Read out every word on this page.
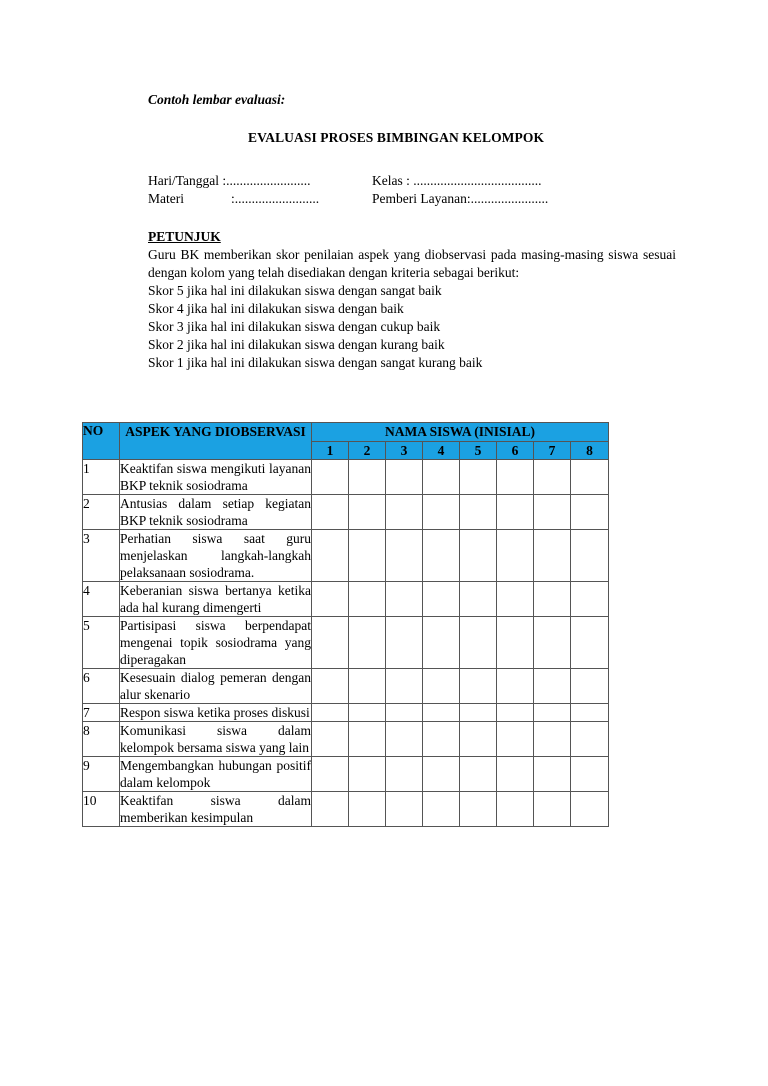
Contoh lembar evaluasi:
EVALUASI PROSES BIMBINGAN KELOMPOK
Hari/Tanggal :.........................
Materi	:.........................
Kelas : ......................................
Pemberi Layanan:.......................
PETUNJUK
Guru BK memberikan skor penilaian aspek yang diobservasi pada masing-masing siswa sesuai dengan kolom yang telah disediakan dengan kriteria sebagai berikut:
Skor 5 jika hal ini dilakukan siswa dengan sangat baik
Skor 4 jika hal ini dilakukan siswa dengan baik
Skor 3 jika hal ini dilakukan siswa dengan cukup baik
Skor 2 jika hal ini dilakukan siswa dengan kurang baik
Skor 1 jika hal ini dilakukan siswa dengan sangat kurang baik
NO	ASPEK YANG DIOBSERVASI	NAMA SISWA (INISIAL)							
		1	2	3	4	5	6	7	8
1	Keaktifan siswa mengikuti layanan BKP teknik sosiodrama								
2	Antusias dalam setiap kegiatan BKP teknik sosiodrama								
3	Perhatian siswa saat guru menjelaskan langkah-langkah pelaksanaan sosiodrama.								
4	Keberanian siswa bertanya ketika ada hal kurang dimengerti								
5	Partisipasi siswa berpendapat mengenai topik sosiodrama yang diperagakan								
6	Kesesuain dialog pemeran dengan alur skenario								
7	Respon siswa ketika proses diskusi								
8	Komunikasi siswa dalam kelompok bersama siswa yang lain								
9	Mengembangkan hubungan positif dalam kelompok								
10	Keaktifan siswa dalam memberikan kesimpulan								
